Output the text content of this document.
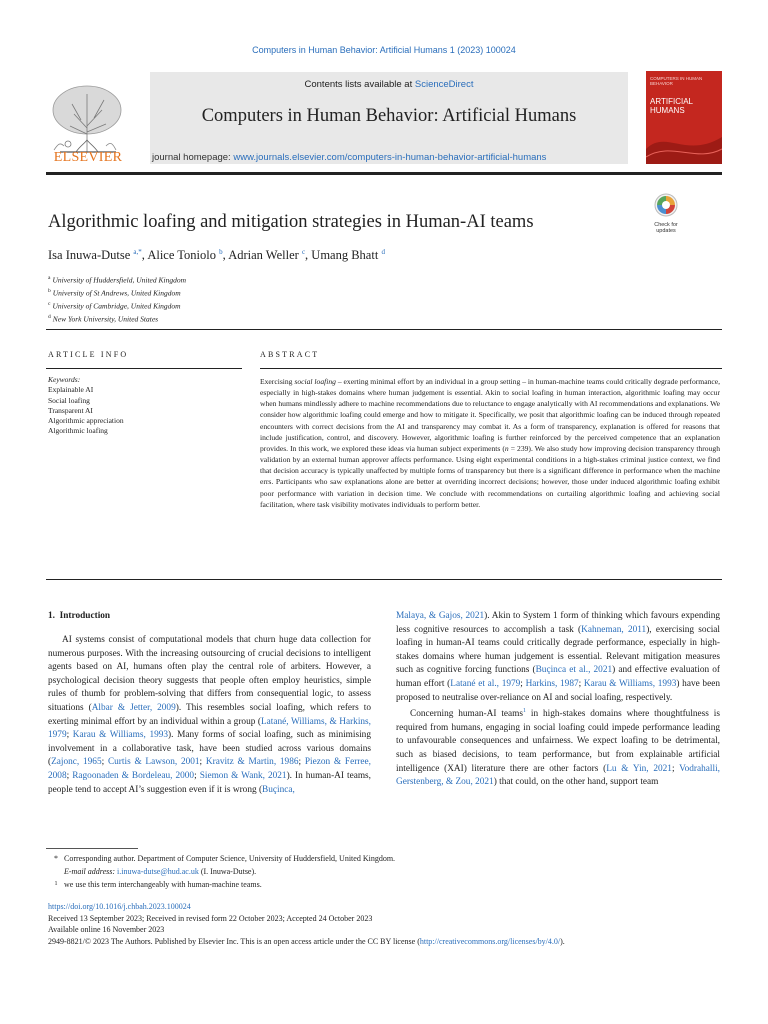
Computers in Human Behavior: Artificial Humans 1 (2023) 100024
Contents lists available at ScienceDirect
Computers in Human Behavior: Artificial Humans
journal homepage: www.journals.elsevier.com/computers-in-human-behavior-artificial-humans
ELSEVIER
COMPUTERS IN HUMAN BEHAVIOR
ARTIFICIAL
HUMANS
Algorithmic loafing and mitigation strategies in Human-AI teams	Check for
updates
Isa Inuwa-Dutse $^{a,*}$, Alice Toniolo $^b$, Adrian Weller $^c$, Umang Bhatt $^d$
$^a$ University of Huddersfield, United Kingdom
$^b$ University of St Andrews, United Kingdom
$^c$ University of Cambridge, United Kingdom
$^d$ New York University, United States
ARTICLE INFO	ABSTRACT
Keywords:
Explainable AI
Social loafing
Transparent AI
Algorithmic appreciation
Algorithmic loafing
Exercising social loafing – exerting minimal effort by an individual in a group setting – in human-machine teams could critically degrade performance, especially in high-stakes domains where human judgement is essential. Akin to social loafing in human interaction, algorithmic loafing may occur when humans mindlessly adhere to machine recommendations due to reluctance to engage analytically with AI recommendations and explanations. We consider how algorithmic loafing could emerge and how to mitigate it. Specifically, we posit that algorithmic loafing can be induced through repeated encounters with correct decisions from the AI and transparency may combat it. As a form of transparency, explanation is offered for reasons that include justification, control, and discovery. However, algorithmic loafing is further reinforced by the perceived competence that an explanation provides. In this work, we explored these ideas via human subject experiments (n = 239). We also study how improving decision transparency through validation by an external human approver affects performance. Using eight experimental conditions in a high-stakes criminal justice context, we find that decision accuracy is typically unaffected by multiple forms of transparency but there is a significant difference in performance when the machine errs. Participants who saw explanations alone are better at overriding incorrect decisions; however, those under induced algorithmic loafing exhibit poor performance with variation in decision time. We conclude with recommendations on curtailing algorithmic loafing and achieving social facilitation, where task visibility motivates individuals to perform better.
1. Introduction

AI systems consist of computational models that churn huge data collection for numerous purposes. With the increasing outsourcing of crucial decisions to intelligent agents based on AI, humans often play the central role of arbiters. However, a psychological decision theory suggests that people often employ heuristics, simple rules of thumb for problem-solving that differs from consequential logic, to assess situations (Albar & Jetter, 2009). This resembles social loafing, which refers to exerting minimal effort by an individual within a group (Latané, Williams, & Harkins, 1979; Karau & Williams, 1993). Many forms of social loafing, such as minimising involvement in a collaborative task, have been studied across various domains (Zajonc, 1965; Curtis & Lawson, 2001; Kravitz & Martin, 1986; Piezon & Ferree, 2008; Ragoonaden & Bordeleau, 2000; Siemon & Wank, 2021). In human-AI teams, people tend to accept AI’s suggestion even if it is wrong (Buçinca,

Malaya, & Gajos, 2021). Akin to System 1 form of thinking which favours expending less cognitive resources to accomplish a task (Kahneman, 2011), exercising social loafing in human-AI teams could critically degrade performance, especially in high-stakes domains where human judgement is essential. Relevant mitigation measures such as cognitive forcing functions (Buçinca et al., 2021) and effective evaluation of human effort (Latané et al., 1979; Harkins, 1987; Karau & Williams, 1993) have been proposed to neutralise over-reliance on AI and social loafing, respectively.

Concerning human-AI teams$^1$ in high-stakes domains where thoughtfulness is required from humans, engaging in social loafing could impede performance leading to unfavourable consequences and unfairness. We expect loafing to be detrimental, such as biased decisions, to team performance, but from explainable artificial intelligence (XAI) literature there are other factors (Lu & Yin, 2021; Vodrahalli, Gerstenberg, & Zou, 2021) that could, on the other hand, support team

* Corresponding author. Department of Computer Science, University of Huddersfield, United Kingdom.
E-mail address: i.inuwa-dutse@hud.ac.uk (I. Inuwa-Dutse).
1 we use this term interchangeably with human-machine teams.
https://doi.org/10.1016/j.chbah.2023.100024
Received 13 September 2023; Received in revised form 22 October 2023; Accepted 24 October 2023
Available online 16 November 2023
2949-8821/© 2023 The Authors. Published by Elsevier Inc. This is an open access article under the CC BY license (http://creativecommons.org/licenses/by/4.0/).
